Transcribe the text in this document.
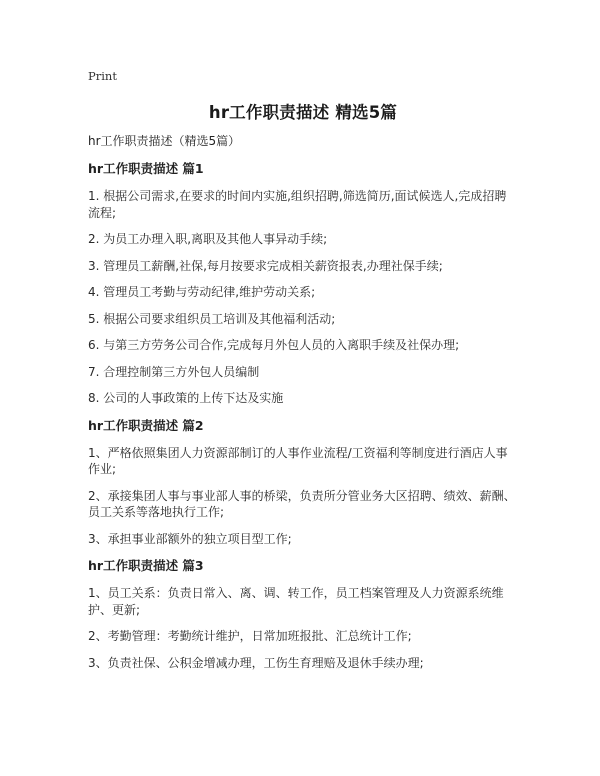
Print
hr工作职责描述 精选5篇
hr工作职责描述（精选5篇）
hr工作职责描述 篇1
1. 根据公司需求,在要求的时间内实施,组织招聘,筛选简历,面试候选人,完成招聘流程;
2. 为员工办理入职,离职及其他人事异动手续;
3. 管理员工薪酬,社保,每月按要求完成相关薪资报表,办理社保手续;
4. 管理员工考勤与劳动纪律,维护劳动关系;
5. 根据公司要求组织员工培训及其他福利活动;
6. 与第三方劳务公司合作,完成每月外包人员的入离职手续及社保办理;
7. 合理控制第三方外包人员编制
8. 公司的人事政策的上传下达及实施
hr工作职责描述 篇2
1、严格依照集团人力资源部制订的人事作业流程/工资福利等制度进行酒店人事作业;
2、承接集团人事与事业部人事的桥梁，负责所分管业务大区招聘、绩效、薪酬、员工关系等落地执行工作;
3、承担事业部额外的独立项目型工作;
hr工作职责描述 篇3
1、员工关系：负责日常入、离、调、转工作，员工档案管理及人力资源系统维护、更新;
2、考勤管理：考勤统计维护，日常加班报批、汇总统计工作;
3、负责社保、公积金增减办理，工伤生育理赔及退休手续办理;
